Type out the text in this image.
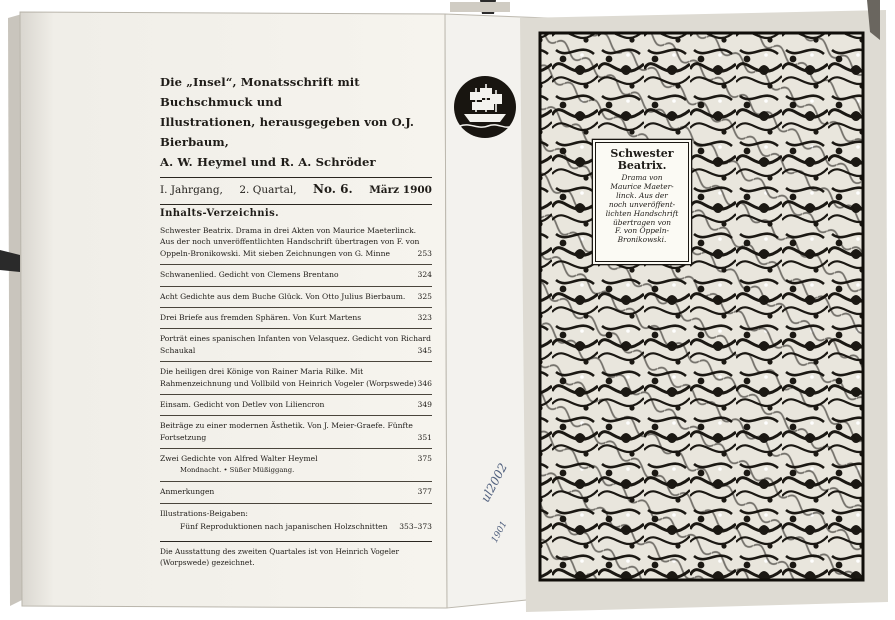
Die „Insel“, Monatsschrift mit Buchschmuck und
Illustrationen, herausgegeben von O.J. Bierbaum,
A. W. Heymel und R. A. Schröder
I. Jahrgang, 2. Quartal, No. 6. März 1900
Inhalts-Verzeichnis.
Schwester Beatrix. Drama in drei Akten von Maurice Maeterlinck. Aus der noch unveröffentlichten Handschrift übertragen von F. von Oppeln-Bronikowski. Mit sieben Zeichnungen von G. Minne	253
Schwanenlied. Gedicht von Clemens Brentano	324
Acht Gedichte aus dem Buche Glück. Von Otto Julius Bierbaum. 325
Drei Briefe aus fremden Sphären. Von Kurt Martens	323
Porträt eines spanischen Infanten von Velasquez. Gedicht von Richard Schaukal	345
Die heiligen drei Könige von Rainer Maria Rilke. Mit Rahmenzeichnung und Vollbild von Heinrich Vogeler (Worpswede) 346
Einsam. Gedicht von Detlev von Liliencron	349
Beiträge zu einer modernen Ästhetik. Von J. Meier-Graefe. Fünfte Fortsetzung	351
Zwei Gedichte von Alfred Walter Heymel	375
Mondnacht. • Süßer Müßiggang.
Anmerkungen	377
Illustrations-Beigaben:
Fünf Reproduktionen nach japanischen Holzschnitten 353–373
Die Ausstattung des zweiten Quartales ist von Heinrich Vogeler (Worpswede) gezeichnet.
Schwester Beatrix.
Drama von
Maurice Maeter-
linck. Aus der
noch unveröffent-
lichten Handschrift
übertragen von
F. von Oppeln-
Bronikowski.
ul2002
1901
